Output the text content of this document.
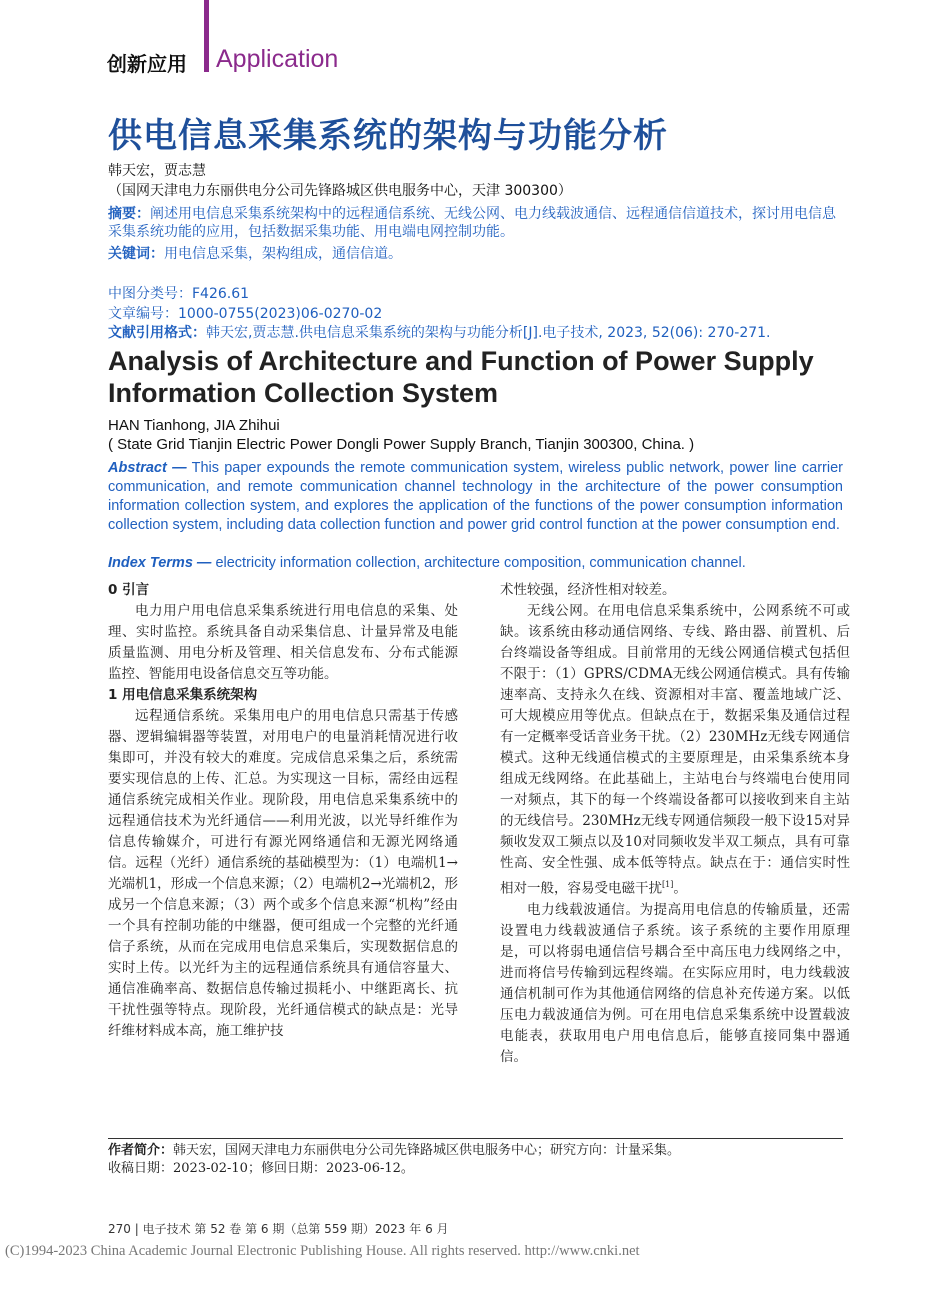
创新应用 Application
供电信息采集系统的架构与功能分析
韩天宏，贾志慧
（国网天津电力东丽供电分公司先锋路城区供电服务中心，天津 300300）
摘要：阐述用电信息采集系统架构中的远程通信系统、无线公网、电力线载波通信、远程通信信道技术，探讨用电信息采集系统功能的应用，包括数据采集功能、用电端电网控制功能。
关键词：用电信息采集，架构组成，通信信道。
中图分类号：F426.61
文章编号：1000-0755(2023)06-0270-02
文献引用格式：韩天宏,贾志慧.供电信息采集系统的架构与功能分析[J].电子技术, 2023, 52(06): 270-271.
Analysis of Architecture and Function of Power Supply Information Collection System
HAN Tianhong, JIA Zhihui
( State Grid Tianjin Electric Power Dongli Power Supply Branch, Tianjin 300300, China. )
Abstract — This paper expounds the remote communication system, wireless public network, power line carrier communication, and remote communication channel technology in the architecture of the power consumption information collection system, and explores the application of the functions of the power consumption information collection system, including data collection function and power grid control function at the power consumption end.
Index Terms — electricity information collection, architecture composition, communication channel.
0 引言

电力用户用电信息采集系统进行用电信息的采集、处理、实时监控。系统具备自动采集信息、计量异常及电能质量监测、用电分析及管理、相关信息发布、分布式能源监控、智能用电设备信息交互等功能。

1 用电信息采集系统架构

远程通信系统。采集用电户的用电信息只需基于传感器、逻辑编辑器等装置，对用电户的电量消耗情况进行收集即可，并没有较大的难度。完成信息采集之后，系统需要实现信息的上传、汇总。为实现这一目标，需经由远程通信系统完成相关作业。现阶段，用电信息采集系统中的远程通信技术为光纤通信——利用光波，以光导纤维作为信息传输媒介，可进行有源光网络通信和无源光网络通信。远程（光纤）通信系统的基础模型为：（1）电端机1→光端机1，形成一个信息来源；（2）电端机2→光端机2，形成另一个信息来源；（3）两个或多个信息来源“机构”经由一个具有控制功能的中继器，便可组成一个完整的光纤通信子系统，从而在完成用电信息采集后，实现数据信息的实时上传。以光纤为主的远程通信系统具有通信容量大、通信准确率高、数据信息传输过损耗小、中继距离长、抗干扰性强等特点。现阶段，光纤通信模式的缺点是：光导纤维材料成本高，施工维护技

术性较强，经济性相对较差。

无线公网。在用电信息采集系统中，公网系统不可或缺。该系统由移动通信网络、专线、路由器、前置机、后台终端设备等组成。目前常用的无线公网通信模式包括但不限于：（1）GPRS/CDMA无线公网通信模式。具有传输速率高、支持永久在线、资源相对丰富、覆盖地域广泛、可大规模应用等优点。但缺点在于，数据采集及通信过程有一定概率受话音业务干扰。（2）230MHz无线专网通信模式。这种无线通信模式的主要原理是，由采集系统本身组成无线网络。在此基础上，主站电台与终端电台使用同一对频点，其下的每一个终端设备都可以接收到来自主站的无线信号。230MHz无线专网通信频段一般下设15对异频收发双工频点以及10对同频收发半双工频点，具有可靠性高、安全性强、成本低等特点。缺点在于：通信实时性相对一般，容易受电磁干扰[1]。

电力线载波通信。为提高用电信息的传输质量，还需设置电力线载波通信子系统。该子系统的主要作用原理是，可以将弱电通信信号耦合至中高压电力线网络之中，进而将信号传输到远程终端。在实际应用时，电力线载波通信机制可作为其他通信网络的信息补充传递方案。以低压电力载波通信为例。可在用电信息采集系统中设置载波电能表，获取用电户用电信息后，能够直接同集中器通信。

作者简介：韩天宏，国网天津电力东丽供电分公司先锋路城区供电服务中心；研究方向：计量采集。
收稿日期：2023-02-10；修回日期：2023-06-12。
270 | 电子技术 第 52 卷 第 6 期（总第 559 期）2023 年 6 月
(C)1994-2023 China Academic Journal Electronic Publishing House. All rights reserved. http://www.cnki.net
